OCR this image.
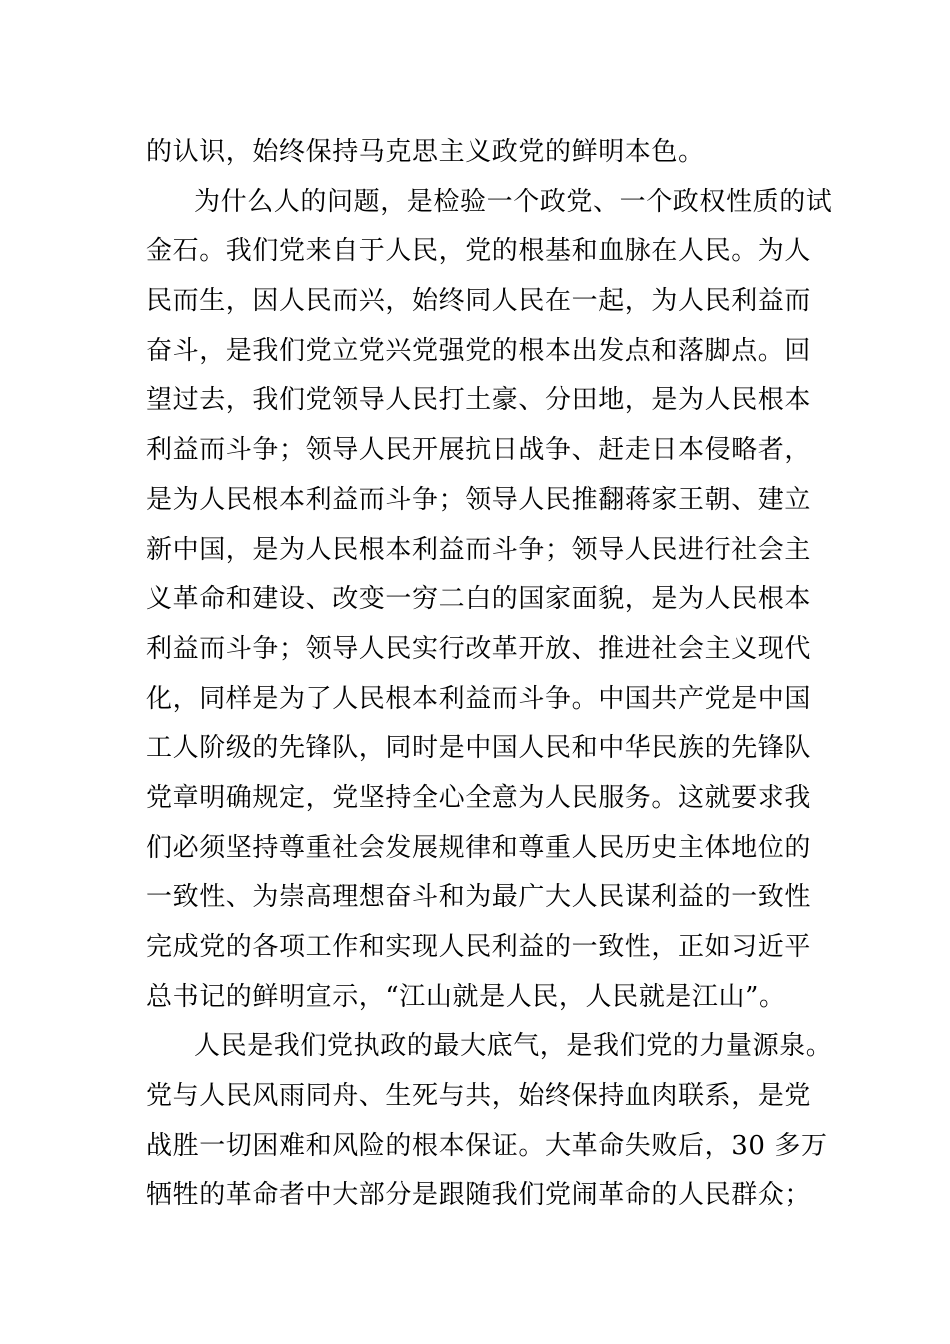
的认识，始终保持马克思主义政党的鲜明本色。
为什么人的问题，是检验一个政党、一个政权性质的试
金石。我们党来自于人民，党的根基和血脉在人民。为人
民而生，因人民而兴，始终同人民在一起，为人民利益而
奋斗，是我们党立党兴党强党的根本出发点和落脚点。回
望过去，我们党领导人民打土豪、分田地，是为人民根本
利益而斗争；领导人民开展抗日战争、赶走日本侵略者，
是为人民根本利益而斗争；领导人民推翻蒋家王朝、建立
新中国，是为人民根本利益而斗争；领导人民进行社会主
义革命和建设、改变一穷二白的国家面貌，是为人民根本
利益而斗争；领导人民实行改革开放、推进社会主义现代
化，同样是为了人民根本利益而斗争。中国共产党是中国
工人阶级的先锋队，同时是中国人民和中华民族的先锋队
党章明确规定，党坚持全心全意为人民服务。这就要求我
们必须坚持尊重社会发展规律和尊重人民历史主体地位的
一致性、为崇高理想奋斗和为最广大人民谋利益的一致性
完成党的各项工作和实现人民利益的一致性，正如习近平
总书记的鲜明宣示，“江山就是人民，人民就是江山”。
人民是我们党执政的最大底气，是我们党的力量源泉。
党与人民风雨同舟、生死与共，始终保持血肉联系，是党
战胜一切困难和风险的根本保证。大革命失败后，30 多万
牺牲的革命者中大部分是跟随我们党闹革命的人民群众；
